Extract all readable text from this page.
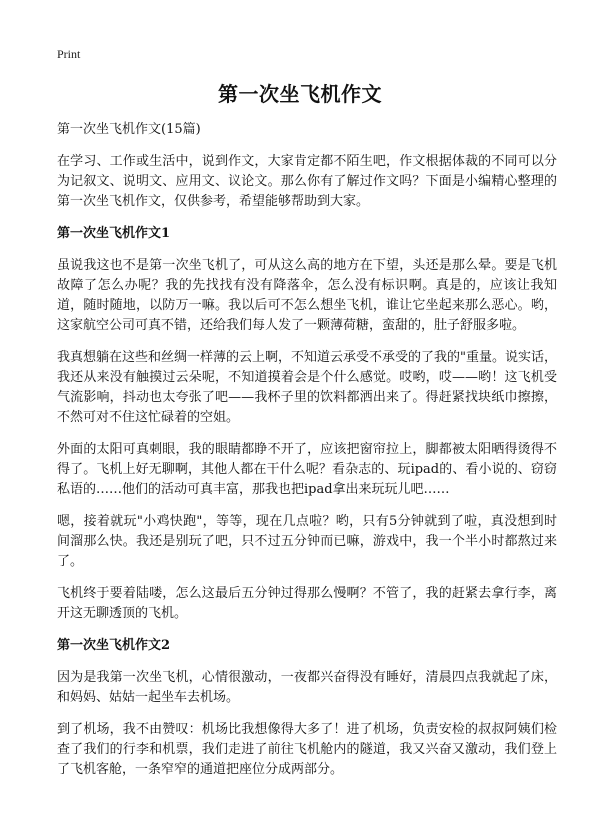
Print
第一次坐飞机作文
第一次坐飞机作文(15篇)

在学习、工作或生活中，说到作文，大家肯定都不陌生吧，作文根据体裁的不同可以分为记叙文、说明文、应用文、议论文。那么你有了解过作文吗？下面是小编精心整理的第一次坐飞机作文，仅供参考，希望能够帮助到大家。

第一次坐飞机作文1

虽说我这也不是第一次坐飞机了，可从这么高的地方在下望，头还是那么晕。要是飞机故障了怎么办呢？我的先找找有没有降落伞，怎么没有标识啊。真是的，应该让我知道，随时随地，以防万一嘛。我以后可不怎么想坐飞机，谁让它坐起来那么恶心。哟，这家航空公司可真不错，还给我们每人发了一颗薄荷糖，蛮甜的，肚子舒服多啦。

我真想躺在这些和丝绸一样薄的云上啊，不知道云承受不承受的了我的"重量。说实话，我还从来没有触摸过云朵呢，不知道摸着会是个什么感觉。哎哟，哎——哟！这飞机受气流影响，抖动也太夸张了吧——我杯子里的饮料都洒出来了。得赶紧找块纸巾擦擦，不然可对不住这忙碌着的空姐。

外面的太阳可真刺眼，我的眼睛都睁不开了，应该把窗帘拉上，脚都被太阳晒得烫得不得了。飞机上好无聊啊，其他人都在干什么呢？看杂志的、玩ipad的、看小说的、窃窃私语的……他们的活动可真丰富，那我也把ipad拿出来玩玩儿吧……

嗯，接着就玩"小鸡快跑"，等等，现在几点啦？哟，只有5分钟就到了啦，真没想到时间溜那么快。我还是别玩了吧，只不过五分钟而已嘛，游戏中，我一个半小时都熬过来了。

飞机终于要着陆喽，怎么这最后五分钟过得那么慢啊？不管了，我的赶紧去拿行李，离开这无聊透顶的飞机。

第一次坐飞机作文2

因为是我第一次坐飞机，心情很激动，一夜都兴奋得没有睡好，清晨四点我就起了床，和妈妈、姑姑一起坐车去机场。

到了机场，我不由赞叹：机场比我想像得大多了！进了机场，负责安检的叔叔阿姨们检查了我们的行李和机票，我们走进了前往飞机舱内的隧道，我又兴奋又激动，我们登上了飞机客舱，一条窄窄的通道把座位分成两部分。
